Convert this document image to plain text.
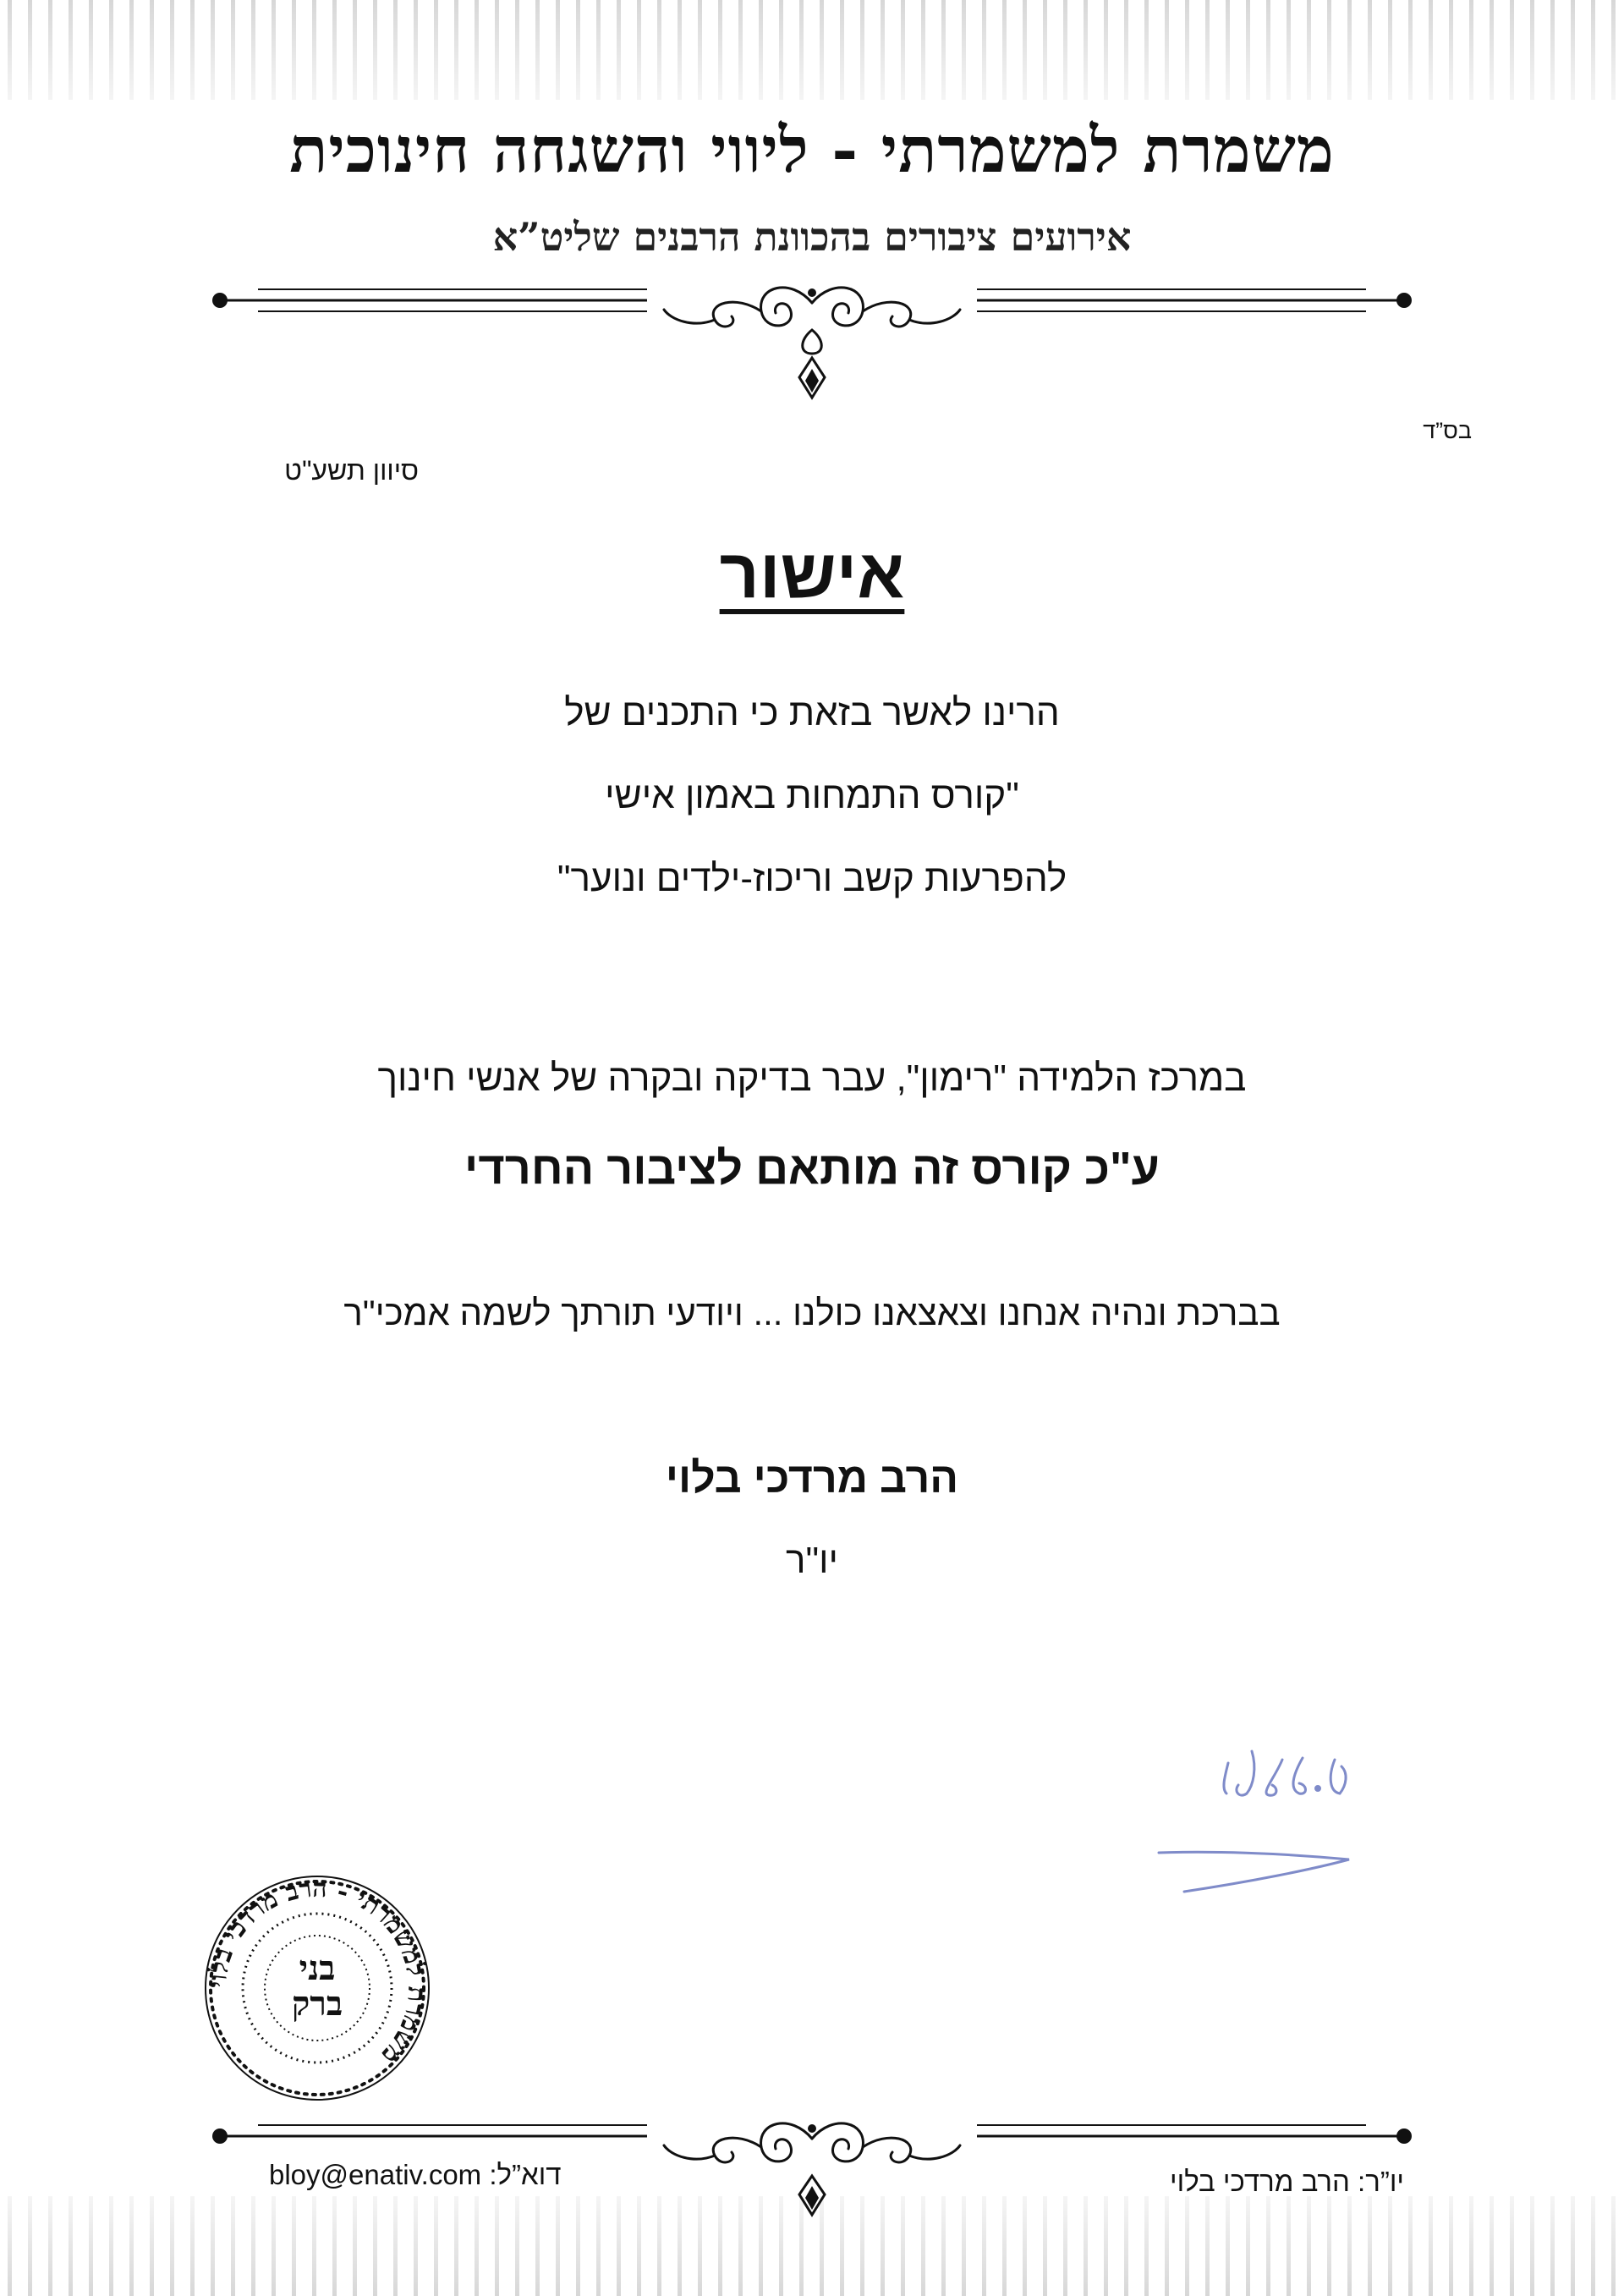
משמרת למשמרתי - ליווי והשגחה חינוכית
אירועים ציבורים בהכוונת הרבנים שליט”א
בס”ד
סיוון תשע"ט
אישור
הרינו לאשר בזאת כי התכנים של
"קורס התמחות באמון אישי
להפרעות קשב וריכוז-ילדים ונוער"
במרכז הלמידה "רימון", עבר בדיקה ובקרה של אנשי חינוך
ע"כ קורס זה מותאם לציבור החרדי
בברכת ונהיה אנחנו וצאצאנו כולנו ... ויודעי תורתך לשמה אמכי"ר
הרב מרדכי בלוי
יו"ר
משמרת למשמרתי - הרב מרדכי בלוי
בני
ברק
דוא”ל: bloy@enativ.com	יו”ר: הרב מרדכי בלוי
